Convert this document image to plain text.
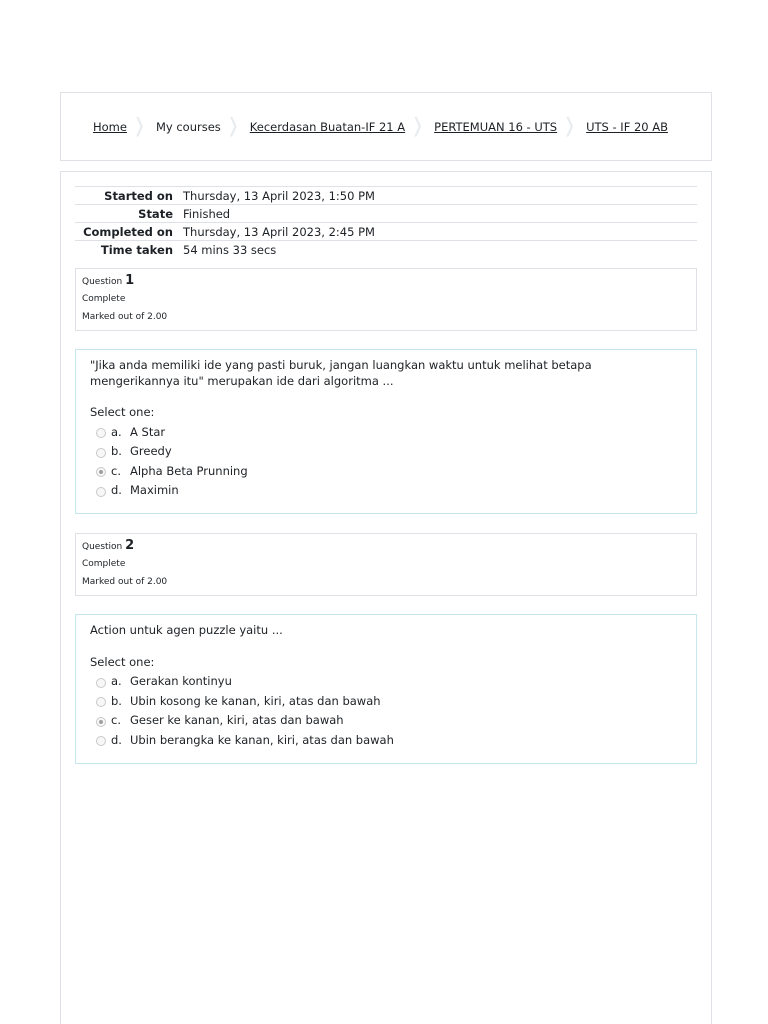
Home	My courses	Kecerdasan Buatan-IF 21 A	PERTEMUAN 16 - UTS	UTS - IF 20 AB
Started on	Thursday, 13 April 2023, 1:50 PM
State	Finished
Completed on	Thursday, 13 April 2023, 2:45 PM
Time taken	54 mins 33 secs
Question 1
Complete
Marked out of 2.00
"Jika anda memiliki ide yang pasti buruk, jangan luangkan waktu untuk melihat betapa mengerikannya itu" merupakan ide dari algoritma ...
Select one:
a. A Star
b. Greedy
c. Alpha Beta Prunning
d. Maximin
Question 2
Complete
Marked out of 2.00
Action untuk agen puzzle yaitu ...
Select one:
a. Gerakan kontinyu
b. Ubin kosong ke kanan, kiri, atas dan bawah
c. Geser ke kanan, kiri, atas dan bawah
d. Ubin berangka ke kanan, kiri, atas dan bawah
